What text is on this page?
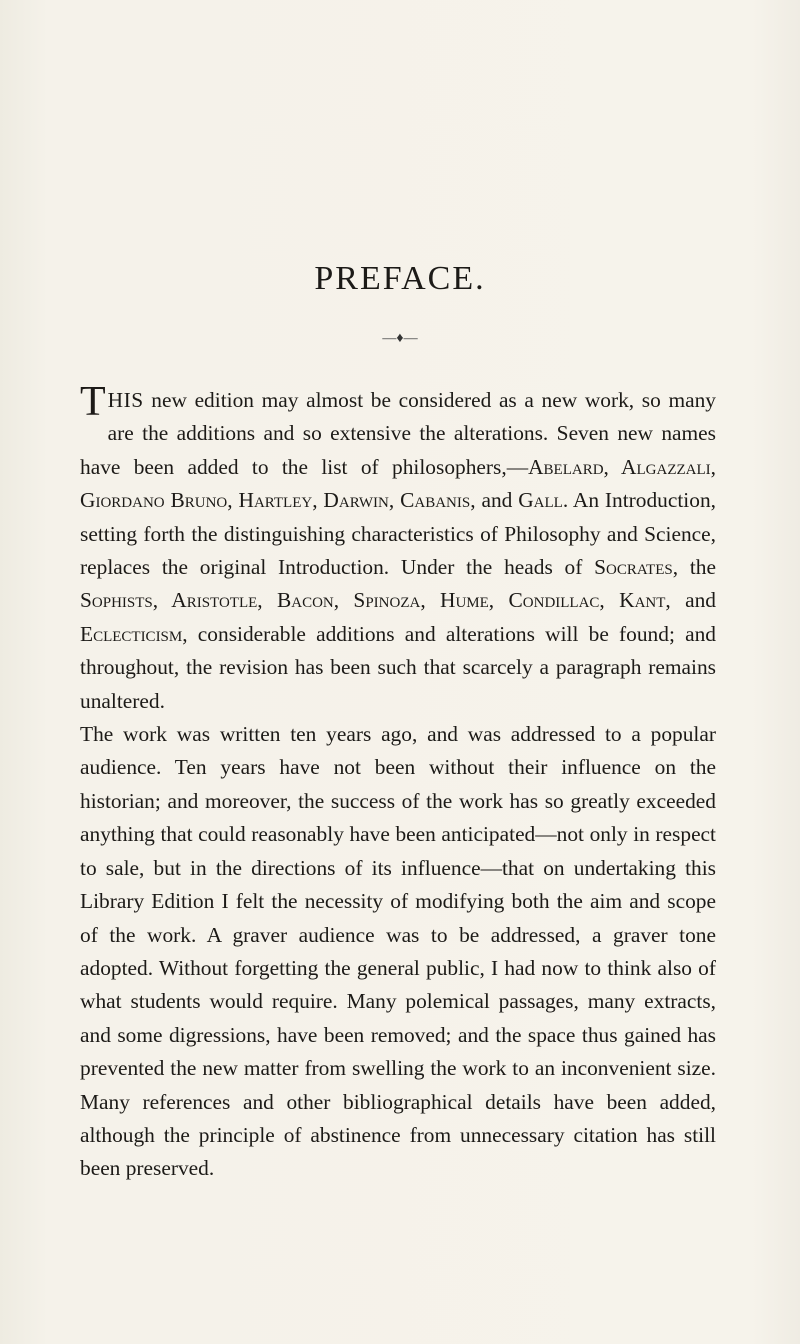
PREFACE.
—♦—

THIS new edition may almost be considered as a new work, so many are the additions and so extensive the alterations. Seven new names have been added to the list of philosophers,—Abelard, Algazzali, Giordano Bruno, Hartley, Darwin, Cabanis, and Gall. An Introduction, setting forth the distinguishing characteristics of Philosophy and Science, replaces the original Introduction. Under the heads of Socrates, the Sophists, Aristotle, Bacon, Spinoza, Hume, Condillac, Kant, and Eclecticism, considerable additions and alterations will be found; and throughout, the revision has been such that scarcely a paragraph remains unaltered.

The work was written ten years ago, and was addressed to a popular audience. Ten years have not been without their influence on the historian; and moreover, the success of the work has so greatly exceeded anything that could reasonably have been anticipated—not only in respect to sale, but in the directions of its influence—that on undertaking this Library Edition I felt the necessity of modifying both the aim and scope of the work. A graver audience was to be addressed, a graver tone adopted. Without forgetting the general public, I had now to think also of what students would require. Many polemical passages, many extracts, and some digressions, have been removed; and the space thus gained has prevented the new matter from swelling the work to an inconvenient size. Many references and other bibliographical details have been added, although the principle of abstinence from unnecessary citation has still been preserved.
